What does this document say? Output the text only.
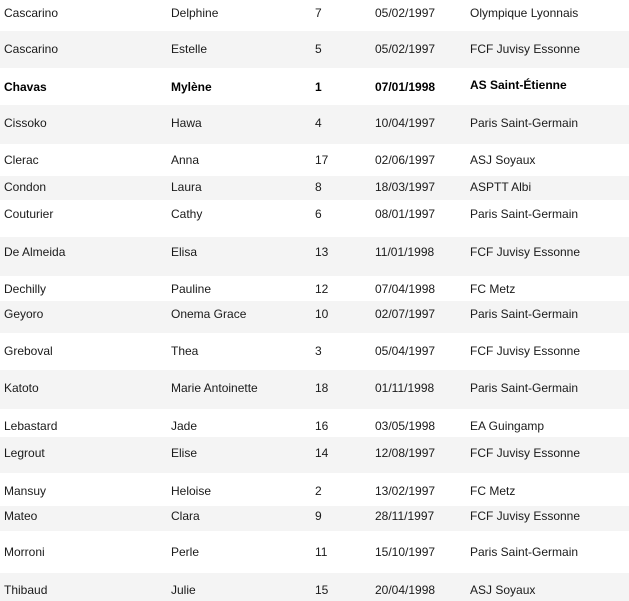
Cascarino	Delphine	7	05/02/1997	Olympique Lyonnais
Cascarino	Estelle	5	05/02/1997	FCF Juvisy Essonne
Chavas	Mylène	1	07/01/1998	AS Saint-Étienne
Cissoko	Hawa	4	10/04/1997	Paris Saint-Germain
Clerac	Anna	17	02/06/1997	ASJ Soyaux
Condon	Laura	8	18/03/1997	ASPTT Albi
Couturier	Cathy	6	08/01/1997	Paris Saint-Germain
De Almeida	Elisa	13	11/01/1998	FCF Juvisy Essonne
Dechilly	Pauline	12	07/04/1998	FC Metz
Geyoro	Onema Grace	10	02/07/1997	Paris Saint-Germain
Greboval	Thea	3	05/04/1997	FCF Juvisy Essonne
Katoto	Marie Antoinette	18	01/11/1998	Paris Saint-Germain
Lebastard	Jade	16	03/05/1998	EA Guingamp
Legrout	Elise	14	12/08/1997	FCF Juvisy Essonne
Mansuy	Heloise	2	13/02/1997	FC Metz
Mateo	Clara	9	28/11/1997	FCF Juvisy Essonne
Morroni	Perle	11	15/10/1997	Paris Saint-Germain
Thibaud	Julie	15	20/04/1998	ASJ Soyaux
